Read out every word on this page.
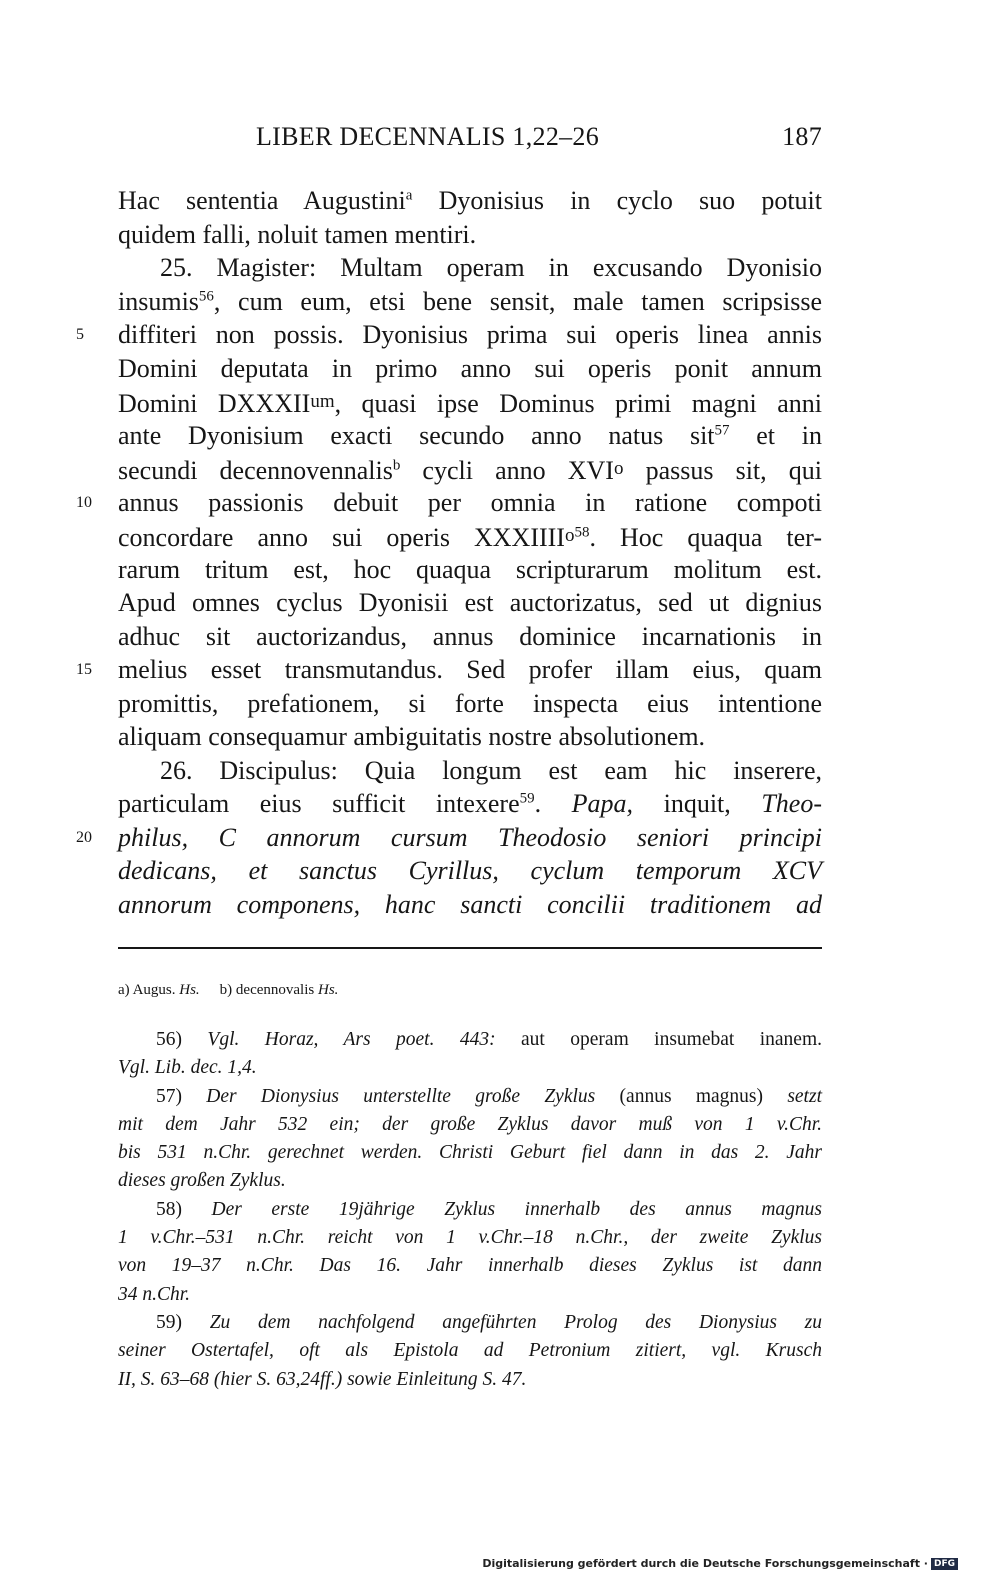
LIBER DECENNALIS 1,22–26	187
Hac sententia Augustini$^a$ Dyonisius in cyclo suo potuit
quidem falli, noluit tamen mentiri.
25. Magister: Multam operam in excusando Dyonisio
insumis$^{56}$, cum eum, etsi bene sensit, male tamen scripsisse
5	diffiteri non possis. Dyonisius prima sui operis linea annis
Domini deputata in primo anno sui operis ponit annum
Domini DXXXIIum, quasi ipse Dominus primi magni anni
ante Dyonisium exacti secundo anno natus sit$^{57}$ et in
secundi decennovennalis$^b$ cycli anno XVIo passus sit, qui
10	annus passionis debuit per omnia in ratione compoti
concordare anno sui operis XXXIIIIo$^{58}$. Hoc quaqua ter-
rarum tritum est, hoc quaqua scripturarum molitum est.
Apud omnes cyclus Dyonisii est auctorizatus, sed ut dignius
adhuc sit auctorizandus, annus dominice incarnationis in
15	melius esset transmutandus. Sed profer illam eius, quam
promittis, prefationem, si forte inspecta eius intentione
aliquam consequamur ambiguitatis nostre absolutionem.
26. Discipulus: Quia longum est eam hic inserere,
particulam eius sufficit intexere$^{59}$. Papa, inquit, Theo-
20	philus, C annorum cursum Theodosio seniori principi
dedicans, et sanctus Cyrillus, cyclum temporum XCV
annorum componens, hanc sancti concilii traditionem ad
a) Augus. Hs. b) decennovalis Hs.
56) Vgl. Horaz, Ars poet. 443: aut operam insumebat inanem.
Vgl. Lib. dec. 1,4.
57) Der Dionysius unterstellte große Zyklus (annus magnus) setzt
mit dem Jahr 532 ein; der große Zyklus davor muß von 1 v.Chr.
bis 531 n.Chr. gerechnet werden. Christi Geburt fiel dann in das 2. Jahr
dieses großen Zyklus.
58) Der erste 19jährige Zyklus innerhalb des annus magnus
1 v.Chr.–531 n.Chr. reicht von 1 v.Chr.–18 n.Chr., der zweite Zyklus
von 19–37 n.Chr. Das 16. Jahr innerhalb dieses Zyklus ist dann
34 n.Chr.
59) Zu dem nachfolgend angeführten Prolog des Dionysius zu
seiner Ostertafel, oft als Epistola ad Petronium zitiert, vgl. Krusch
II, S. 63–68 (hier S. 63,24ff.) sowie Einleitung S. 47.
Digitalisierung gefördert durch die Deutsche Forschungsgemeinschaft · DFG
